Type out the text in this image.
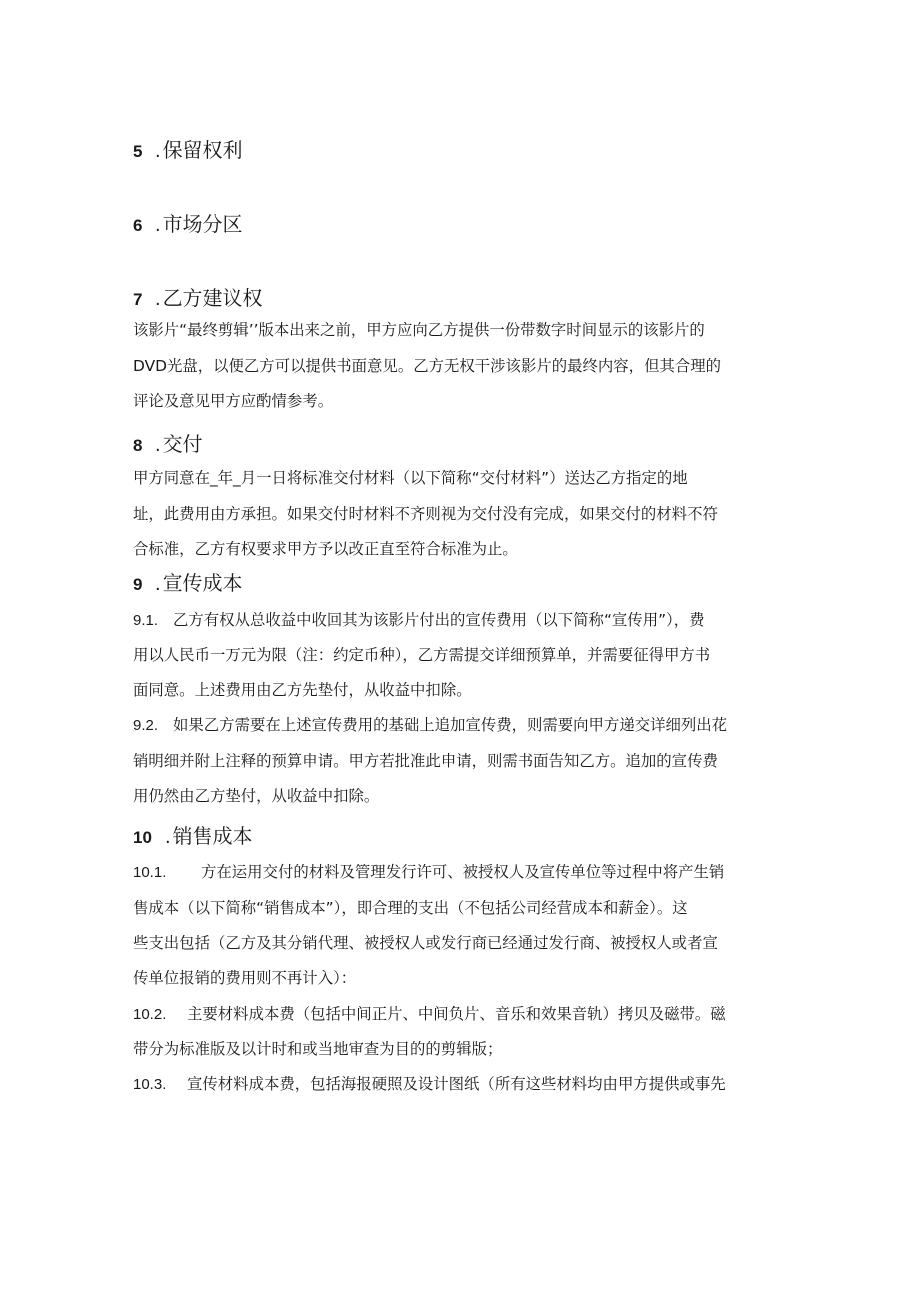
5 . 保留权利
6 . 市场分区
7 . 乙方建议权
该影片“最终剪辑’’版本出来之前，甲方应向乙方提供一份带数字时间显示的该影片的
DVD光盘，以便乙方可以提供书面意见。乙方无权干涉该影片的最终内容，但其合理的
评论及意见甲方应酌情参考。
8 . 交付
甲方同意在_年_月一日将标准交付材料（以下简称“交付材料”）送达乙方指定的地
址，此费用由方承担。如果交付时材料不齐则视为交付没有完成，如果交付的材料不符
合标准，乙方有权要求甲方予以改正直至符合标准为止。
9 . 宣传成本
9.1. 乙方有权从总收益中收回其为该影片付出的宣传费用（以下简称“宣传用”），费
用以人民币一万元为限（注：约定币种），乙方需提交详细预算单，并需要征得甲方书
面同意。上述费用由乙方先垫付，从收益中扣除。
9.2. 如果乙方需要在上述宣传费用的基础上追加宣传费，则需要向甲方递交详细列出花
销明细并附上注释的预算申请。甲方若批准此申请，则需书面告知乙方。追加的宣传费
用仍然由乙方垫付，从收益中扣除。
10 . 销售成本
10.1. 方在运用交付的材料及管理发行许可、被授权人及宣传单位等过程中将产生销
售成本（以下简称“销售成本”），即合理的支出（不包括公司经营成本和薪金）。这
些支出包括（乙方及其分销代理、被授权人或发行商已经通过发行商、被授权人或者宣
传单位报销的费用则不再计入）：
10.2. 主要材料成本费（包括中间正片、中间负片、音乐和效果音轨）拷贝及磁带。磁
带分为标准版及以计时和或当地审查为目的的剪辑版；
10.3. 宣传材料成本费，包括海报硬照及设计图纸（所有这些材料均由甲方提供或事先
